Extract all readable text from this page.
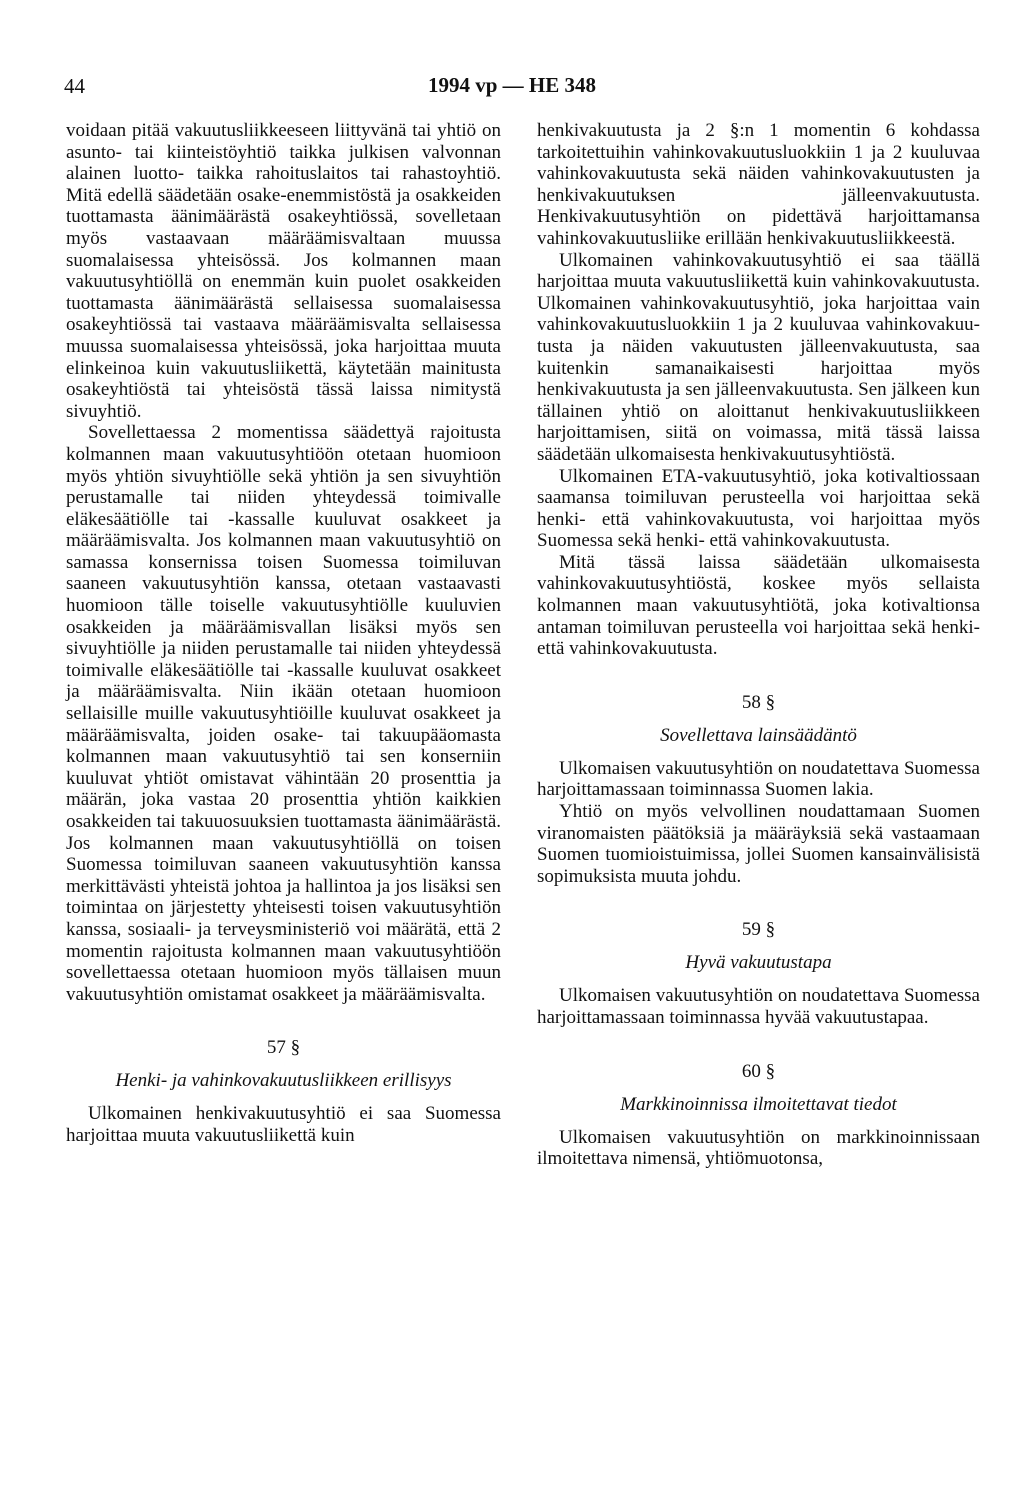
44	1994 vp — HE 348

voidaan pitää vakuutusliikkeeseen liittyvänä tai yhtiö on asunto- tai kiinteistöyhtiö taikka julkisen valvonnan alainen luotto- taikka rahoituslaitos tai rahastoyhtiö. Mitä edellä säädetään osake-enemmistöstä ja osakkeiden tuottamasta äänimäärästä osakeyhtiössä, sovelletaan myös vastaavaan määräämisvaltaan muussa suomalaisessa yhteisössä. Jos kolmannen maan vakuutusyhtiöllä on enemmän kuin puolet osakkeiden tuottamasta äänimäärästä sellaisessa suomalaisessa osakeyhtiössä tai vastaava määräämisvalta sellaisessa muussa suomalaisessa yhteisössä, joka harjoittaa muuta elinkeinoa kuin vakuutusliikettä, käytetään mainitusta osakeyhtiöstä tai yhteisöstä tässä laissa nimitystä sivuyhtiö.

Sovellettaessa 2 momentissa säädettyä rajoitusta kolmannen maan vakuutusyhtiöön otetaan huomioon myös yhtiön sivuyhtiölle sekä yhtiön ja sen sivuyhtiön perustamalle tai niiden yhteydessä toimivalle eläkesäätiölle tai -kassalle kuuluvat osakkeet ja määräämisvalta. Jos kolmannen maan vakuutusyhtiö on samassa konsernissa toisen Suomessa toimiluvan saaneen vakuutusyhtiön kanssa, otetaan vastaavasti huomioon tälle toiselle vakuutusyhtiölle kuuluvien osakkeiden ja määräämisvallan lisäksi myös sen sivuyhtiölle ja niiden perustamalle tai niiden yhteydessä toimivalle eläkesäätiölle tai -kassalle kuuluvat osakkeet ja määräämisvalta. Niin ikään otetaan huomioon sellaisille muille vakuutusyhtiöille kuuluvat osakkeet ja määräämisvalta, joiden osake- tai takuupääomasta kolmannen maan vakuutusyhtiö tai sen konserniin kuuluvat yhtiöt omistavat vähintään 20 prosenttia ja määrän, joka vastaa 20 prosenttia yhtiön kaikkien osakkeiden tai takuuosuuksien tuottamasta äänimäärästä. Jos kolmannen maan vakuutusyhtiöllä on toisen Suomessa toimiluvan saaneen vakuutusyhtiön kanssa merkittävästi yhteistä johtoa ja hallintoa ja jos lisäksi sen toimintaa on järjestetty yhteisesti toisen vakuutusyhtiön kanssa, sosiaali- ja terveysministeriö voi määrätä, että 2 momentin rajoitusta kolmannen maan vakuutusyhtiöön sovellettaessa otetaan huomioon myös tällaisen muun vakuutusyhtiön omistamat osakkeet ja määräämisvalta.

57 §
Henki- ja vahinkovakuutusliikkeen erillisyys

Ulkomainen henkivakuutusyhtiö ei saa Suomessa harjoittaa muuta vakuutusliikettä kuin

henkivakuutusta ja 2 §:n 1 momentin 6 kohdassa tarkoitettuihin vahinkovakuutusluokkiin 1 ja 2 kuuluvaa vahinkovakuutusta sekä näiden vahinkovakuutusten ja henkivakuutuksen jälleenvakuutusta. Henkivakuutusyhtiön on pidettävä harjoittamansa vahinkovakuutusliike erillään henkivakuutusliikkeestä.

Ulkomainen vahinkovakuutusyhtiö ei saa täällä harjoittaa muuta vakuutusliikettä kuin vahinkovakuutusta. Ulkomainen vahinkovakuutusyhtiö, joka harjoittaa vain vahinkovakuutusluokkiin 1 ja 2 kuuluvaa vahinkovakuutusta ja näiden vakuutusten jälleenvakuutusta, saa kuitenkin samanaikaisesti harjoittaa myös henkivakuutusta ja sen jälleenvakuutusta. Sen jälkeen kun tällainen yhtiö on aloittanut henkivakuutusliikkeen harjoittamisen, siitä on voimassa, mitä tässä laissa säädetään ulkomaisesta henkivakuutusyhtiöstä.

Ulkomainen ETA-vakuutusyhtiö, joka kotivaltiossaan saamansa toimiluvan perusteella voi harjoittaa sekä henki- että vahinkovakuutusta, voi harjoittaa myös Suomessa sekä henki- että vahinkovakuutusta.

Mitä tässä laissa säädetään ulkomaisesta vahinkovakuutusyhtiöstä, koskee myös sellaista kolmannen maan vakuutusyhtiötä, joka kotivaltionsa antaman toimiluvan perusteella voi harjoittaa sekä henki- että vahinkovakuutusta.

58 §
Sovellettava lainsäädäntö

Ulkomaisen vakuutusyhtiön on noudatettava Suomessa harjoittamassaan toiminnassa Suomen lakia.

Yhtiö on myös velvollinen noudattamaan Suomen viranomaisten päätöksiä ja määräyksiä sekä vastaamaan Suomen tuomioistuimissa, jollei Suomen kansainvälisistä sopimuksista muuta johdu.

59 §
Hyvä vakuutustapa

Ulkomaisen vakuutusyhtiön on noudatettava Suomessa harjoittamassaan toiminnassa hyvää vakuutustapaa.

60 §
Markkinoinnissa ilmoitettavat tiedot

Ulkomaisen vakuutusyhtiön on markkinoinnissaan ilmoitettava nimensä, yhtiömuotonsa,
